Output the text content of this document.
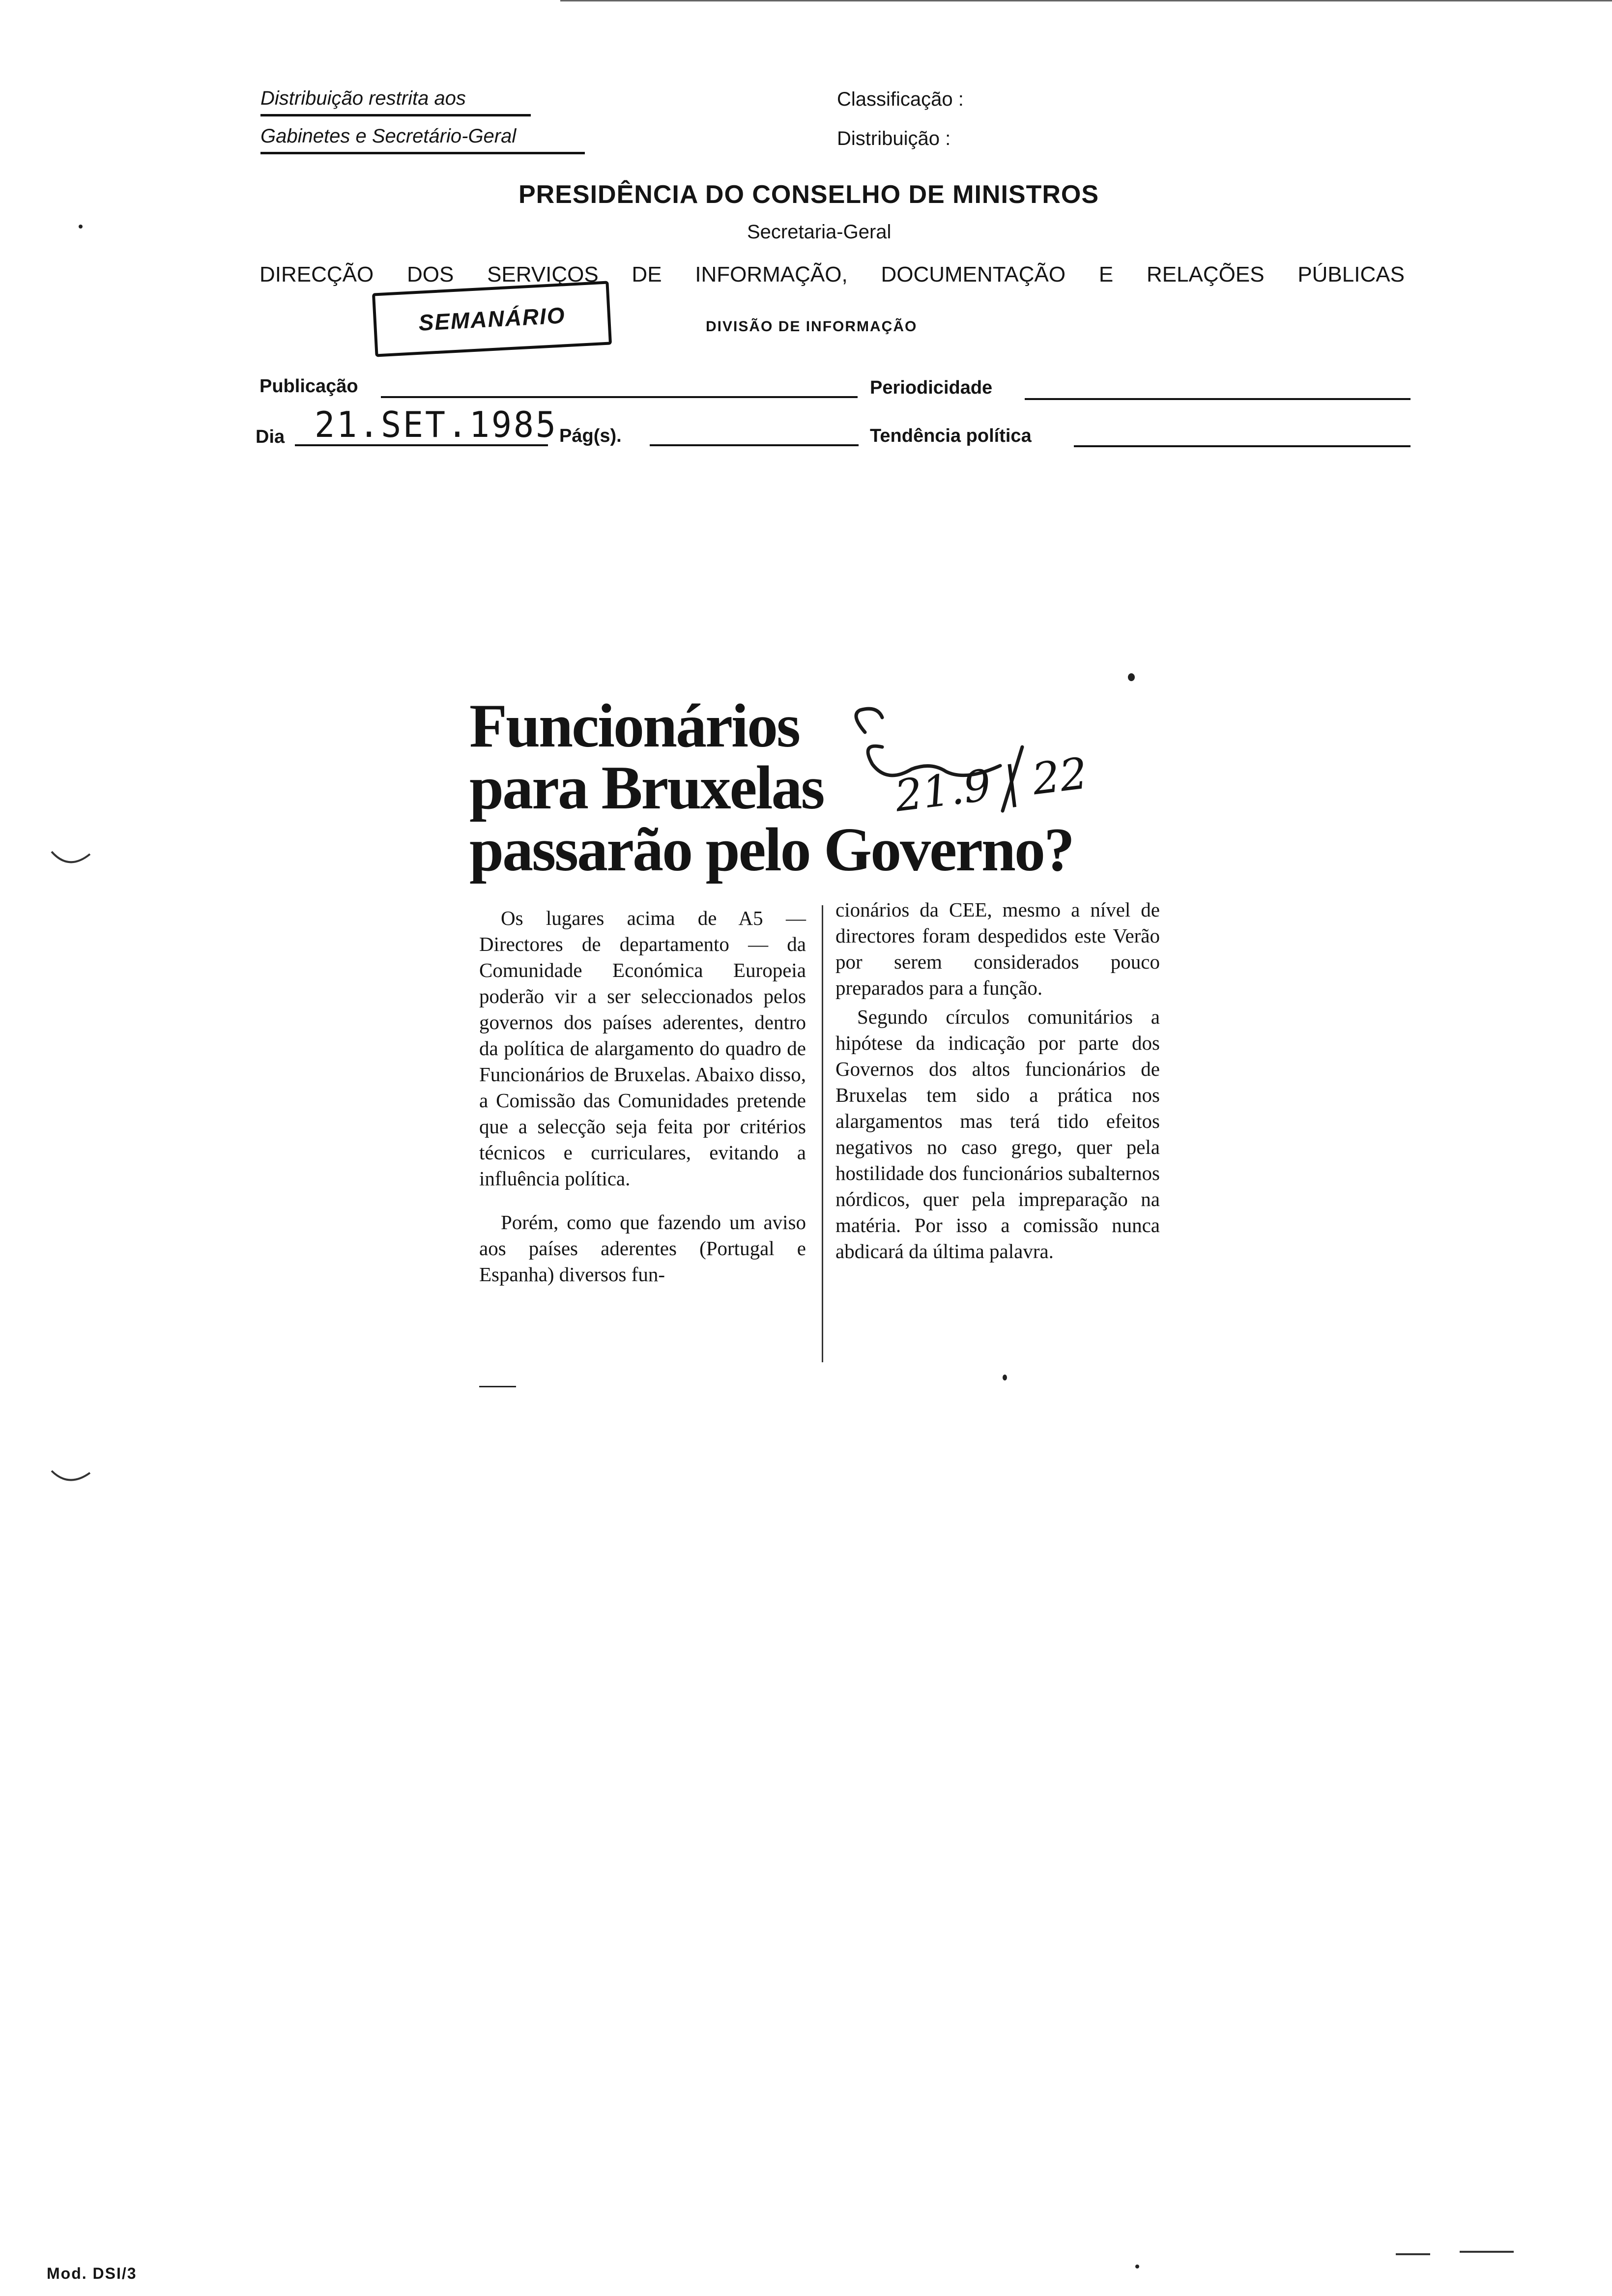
Distribuição restrita aos
Gabinetes e Secretário-Geral
Classificação :
Distribuição :
PRESIDÊNCIA DO CONSELHO DE MINISTROS
Secretaria-Geral
DIRECÇÃO DOS SERVIÇOS DE INFORMAÇÃO, DOCUMENTAÇÃO E RELAÇÕES PÚBLICAS
SEMANÁRIO	DIVISÃO DE INFORMAÇÃO
Publicação	Periodicidade
Dia 21.SET.1985 Pág(s).	Tendência política
Funcionários
para Bruxelas
passarão pelo Governo?
21.9 | 22

Os lugares acima de A5 — Directores de departamento — da Comunidade Económica Europeia poderão vir a ser seleccionados pelos governos dos países aderentes, dentro da política de alargamento do quadro de Funcionários de Bruxelas. Abaixo disso, a Comissão das Comunidades pretende que a selecção seja feita por critérios técnicos e curriculares, evitando a influência política.

Porém, como que fazendo um aviso aos países aderentes (Portugal e Espanha) diversos fun-

cionários da CEE, mesmo a nível de directores foram despedidos este Verão por serem considerados pouco preparados para a função.

Segundo círculos comunitários a hipótese da indicação por parte dos Governos dos altos funcionários de Bruxelas tem sido a prática nos alargamentos mas terá tido efeitos negativos no caso grego, quer pela hostilidade dos funcionários subalternos nórdicos, quer pela impreparação na matéria. Por isso a comissão nunca abdicará da última palavra.

Mod. DSI/3
